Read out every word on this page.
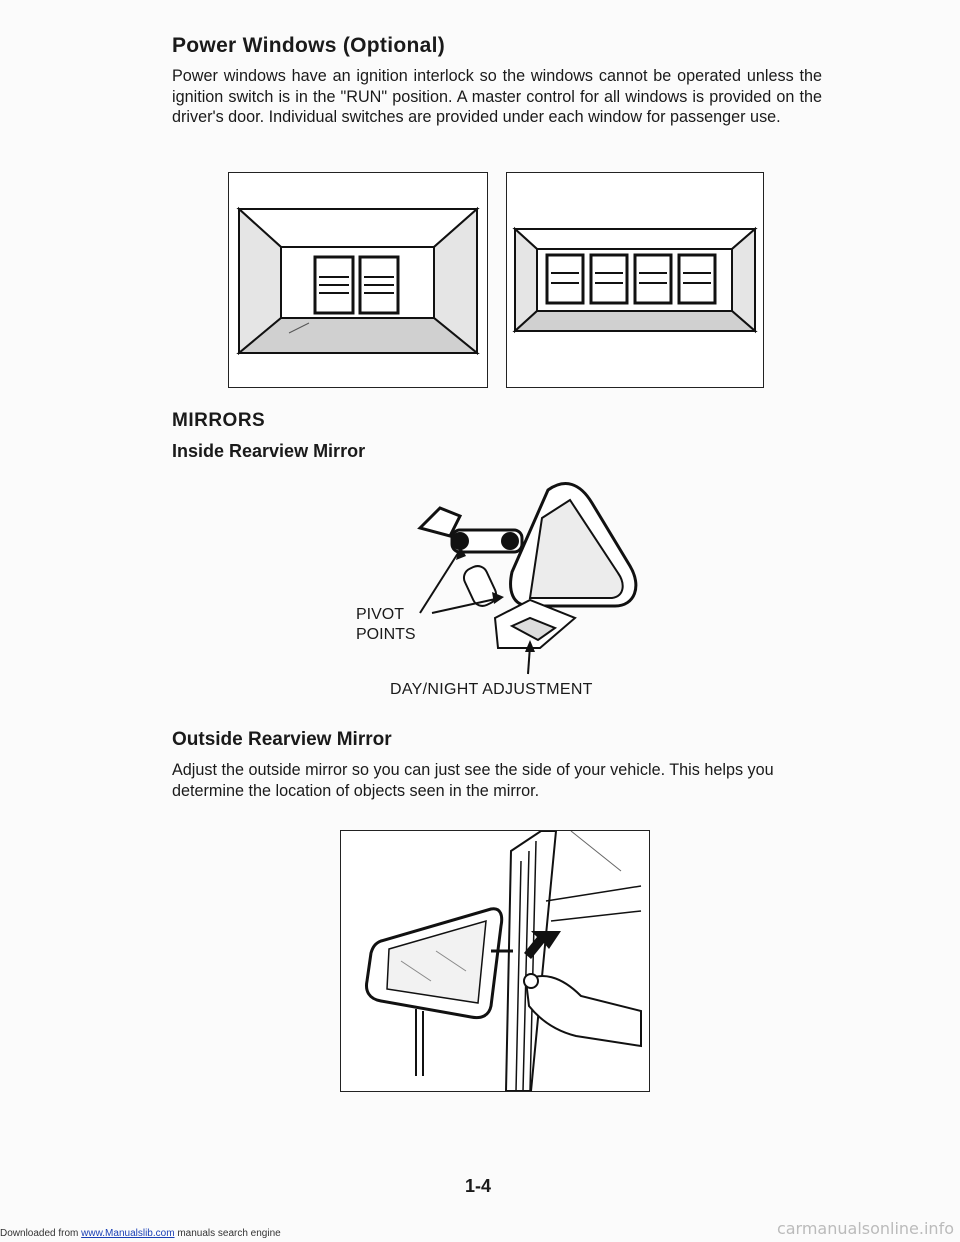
Power Windows (Optional)
Power windows have an ignition interlock so the windows cannot be operated unless the ignition switch is in the "RUN" position. A master control for all windows is provided on the driver's door. Individual switches are provided under each window for passenger use.
MIRRORS
Inside Rearview Mirror
PIVOT
POINTS
DAY/NIGHT ADJUSTMENT
Outside Rearview Mirror
Adjust the outside mirror so you can just see the side of your vehicle. This helps you determine the location of objects seen in the mirror.
1-4
Downloaded from www.Manualslib.com manuals search engine	carmanualsonline.info
